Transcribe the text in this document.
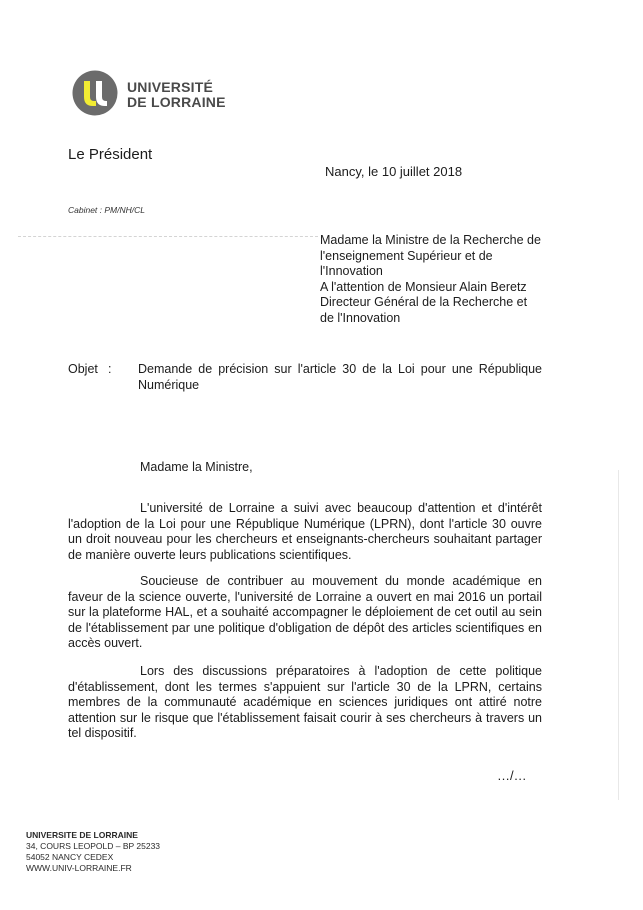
UNIVERSITÉ
DE LORRAINE
Le Président
Nancy, le 10 juillet 2018
Cabinet : PM/NH/CL
Madame la Ministre de la Recherche de
l'enseignement Supérieur et de
l'Innovation
A l'attention de Monsieur Alain Beretz
Directeur Général de la Recherche et
de l'Innovation
Objet : Demande de précision sur l'article 30 de la Loi pour une République Numérique
Madame la Ministre,

L'université de Lorraine a suivi avec beaucoup d'attention et d'intérêt l'adoption de la Loi pour une République Numérique (LPRN), dont l'article 30 ouvre un droit nouveau pour les chercheurs et enseignants-chercheurs souhaitant partager de manière ouverte leurs publications scientifiques.

Soucieuse de contribuer au mouvement du monde académique en faveur de la science ouverte, l'université de Lorraine a ouvert en mai 2016 un portail sur la plateforme HAL, et a souhaité accompagner le déploiement de cet outil au sein de l'établissement par une politique d'obligation de dépôt des articles scientifiques en accès ouvert.

Lors des discussions préparatoires à l'adoption de cette politique d'établissement, dont les termes s'appuient sur l'article 30 de la LPRN, certains membres de la communauté académique en sciences juridiques ont attiré notre attention sur le risque que l'établissement faisait courir à ses chercheurs à travers un tel dispositif.

…/…
UNIVERSITE DE LORRAINE
34, COURS LEOPOLD – BP 25233
54052 NANCY CEDEX
WWW.UNIV-LORRAINE.FR
